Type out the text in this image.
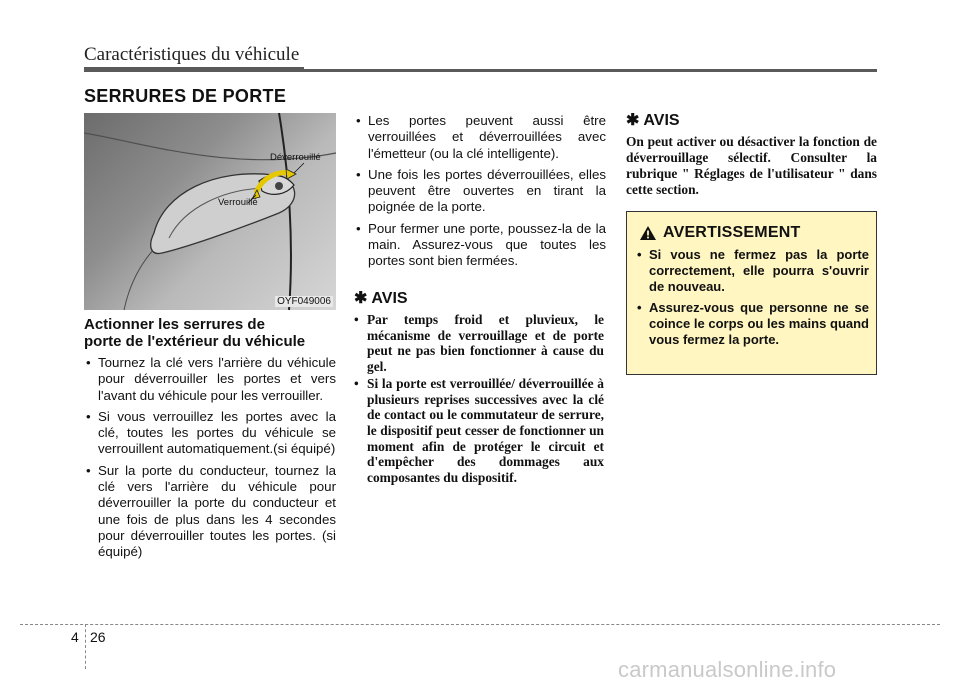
Caractéristiques du véhicule
SERRURES DE PORTE
Déverrouillé
Verrouillé
OYF049006
Actionner les serrures de
porte de l'extérieur du véhicule
• Tournez la clé vers l'arrière du véhicule pour déverrouiller les portes et vers l'avant du véhicule pour les verrouiller.
• Si vous verrouillez les portes avec la clé, toutes les portes du véhicule se verrouillent automatiquement.(si équipé)
• Sur la porte du conducteur, tournez la clé vers l'arrière du véhicule pour déverrouiller la porte du conducteur et une fois de plus dans les 4 secondes pour déverrouiller toutes les portes. (si équipé)
• Les portes peuvent aussi être verrouillées et déverrouillées avec l'émetteur (ou la clé intelligente).
• Une fois les portes déverrouillées, elles peuvent être ouvertes en tirant la poignée de la porte.
• Pour fermer une porte, poussez-la de la main. Assurez-vous que toutes les portes sont bien fermées.
✱ AVIS
• Par temps froid et pluvieux, le mécanisme de verrouillage et de porte peut ne pas bien fonctionner à cause du gel.
• Si la porte est verrouillée/ déverrouillée à plusieurs reprises successives avec la clé de contact ou le commutateur de serrure, le dispositif peut cesser de fonctionner un moment afin de protéger le circuit et d'empêcher des dommages aux composantes du dispositif.
✱ AVIS
On peut activer ou désactiver la fonction de déverrouillage sélectif. Consulter la rubrique " Réglages de l'utilisateur " dans cette section.
AVERTISSEMENT
• Si vous ne fermez pas la porte correctement, elle pourra s'ouvrir de nouveau.
• Assurez-vous que personne ne se coince le corps ou les mains quand vous fermez la porte.
4 26
carmanualsonline.info
